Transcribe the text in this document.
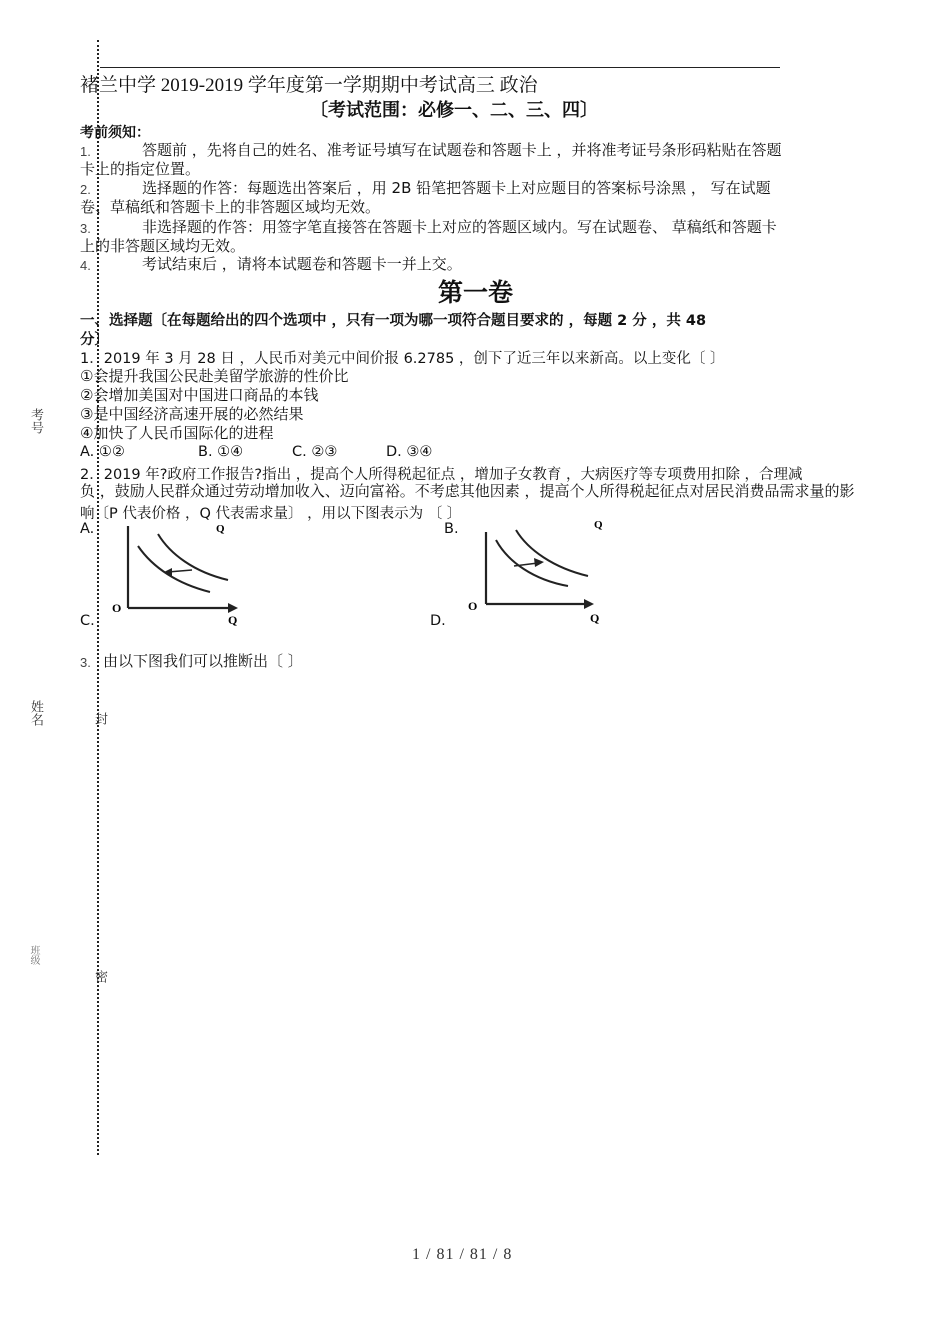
考号
姓名
班级
封
密
褚兰中学 2019-2019 学年度第一学期期中考试高三 政治
〔考试范围：必修一、二、三、四〕
考前须知：
1.	答题前 ，先将自己的姓名、准考证号填写在试题卷和答题卡上 ，并将准考证号条形码粘贴在答题
卡上的指定位置。
2.	选择题的作答：每题选出答案后 ，用 2B 铅笔把答题卡上对应题目的答案标号涂黑 ， 写在试题
卷、草稿纸和答题卡上的非答题区域均无效。
3.	非选择题的作答：用签字笔直接答在答题卡上对应的答题区域内。写在试题卷、 草稿纸和答题卡
上的非答题区域均无效。
4.	考试结束后 ，请将本试题卷和答题卡一并上交。
第一卷
一、选择题〔在每题给出的四个选项中 ，只有一项为哪一项符合题目要求的 ，每题 2 分 ，共 48
分〕
1．2019 年 3 月 28 日 ，人民币对美元中间价报 6.2785 ，创下了近三年以来新高。以上变化〔 〕
①会提升我国公民赴美留学旅游的性价比
②会增加美国对中国进口商品的本钱
③是中国经济高速开展的必然结果
④加快了人民币国际化的进程
A. ①②	B. ①④	C. ②③	D. ③④
2．2019 年?政府工作报告?指出 ，提高个人所得税起征点 ，增加子女教育 ，大病医疗等专项费用扣除 ，合理减
负 ，鼓励人民群众通过劳动增加收入、迈向富裕。不考虑其他因素 ，提高个人所得税起征点对居民消费品需求量的影
响〔P 代表价格 ，Q 代表需求量〕 ，用以下图表示为 〔 〕
A.	B.
C.	D.
Q
O
Q
Q
O
Q
3. 由以下图我们可以推断出〔 〕
1 / 81 / 81 / 8
